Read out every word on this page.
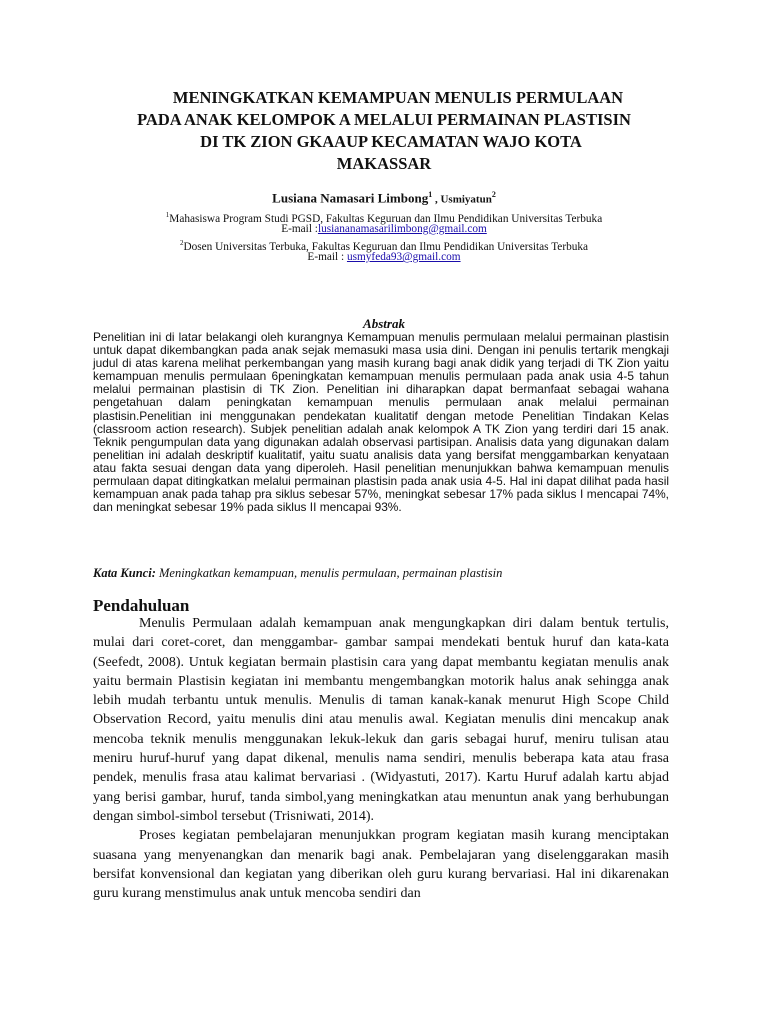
MENINGKATKAN KEMAMPUAN MENULIS PERMULAAN
PADA ANAK KELOMPOK A MELALUI PERMAINAN PLASTISIN
DI TK ZION GKAAUP KECAMATAN WAJO KOTA
MAKASSAR
Lusiana Namasari Limbong$^1$ , Usmiyatun$^2$
$^1$Mahasiswa Program Studi PGSD, Fakultas Keguruan dan Ilmu Pendidikan Universitas Terbuka
E-mail :lusiananamasarilimbong@gmail.com
$^2$Dosen Universitas Terbuka, Fakultas Keguruan dan Ilmu Pendidikan Universitas Terbuka
E-mail : usmyfeda93@gmail.com
Abstrak

Penelitian ini di latar belakangi oleh kurangnya Kemampuan menulis permulaan melalui permainan plastisin untuk dapat dikembangkan pada anak sejak memasuki masa usia dini. Dengan ini penulis tertarik mengkaji judul di atas karena melihat perkembangan yang masih kurang bagi anak didik yang terjadi di TK Zion yaitu kemampuan menulis permulaan 6peningkatan kemampuan menulis permulaan pada anak usia 4-5 tahun melalui permainan plastisin di TK Zion. Penelitian ini diharapkan dapat bermanfaat sebagai wahana pengetahuan dalam peningkatan kemampuan menulis permulaan anak melalui permainan plastisin.Penelitian ini menggunakan pendekatan kualitatif dengan metode Penelitian Tindakan Kelas (classroom action research). Subjek penelitian adalah anak kelompok A TK Zion yang terdiri dari 15 anak. Teknik pengumpulan data yang digunakan adalah observasi partisipan. Analisis data yang digunakan dalam penelitian ini adalah deskriptif kualitatif, yaitu suatu analisis data yang bersifat menggambarkan kenyataan atau fakta sesuai dengan data yang diperoleh. Hasil penelitian menunjukkan bahwa kemampuan menulis permulaan dapat ditingkatkan melalui permainan plastisin pada anak usia 4-5. Hal ini dapat dilihat pada hasil kemampuan anak pada tahap pra siklus sebesar 57%, meningkat sebesar 17% pada siklus I mencapai 74%, dan meningkat sebesar 19% pada siklus II mencapai 93%.

Kata Kunci: Meningkatkan kemampuan, menulis permulaan, permainan plastisin

Pendahuluan

Menulis Permulaan adalah kemampuan anak mengungkapkan diri dalam bentuk tertulis, mulai dari coret-coret, dan menggambar- gambar sampai mendekati bentuk huruf dan kata-kata (Seefedt, 2008). Untuk kegiatan bermain plastisin cara yang dapat membantu kegiatan menulis anak yaitu bermain Plastisin kegiatan ini membantu mengembangkan motorik halus anak sehingga anak lebih mudah terbantu untuk menulis. Menulis di taman kanak-kanak menurut High Scope Child Observation Record, yaitu menulis dini atau menulis awal. Kegiatan menulis dini mencakup anak mencoba teknik menulis menggunakan lekuk-lekuk dan garis sebagai huruf, meniru tulisan atau meniru huruf-huruf yang dapat dikenal, menulis nama sendiri, menulis beberapa kata atau frasa pendek, menulis frasa atau kalimat bervariasi . (Widyastuti, 2017). Kartu Huruf adalah kartu abjad yang berisi gambar, huruf, tanda simbol,yang meningkatkan atau menuntun anak yang berhubungan dengan simbol-simbol tersebut (Trisniwati, 2014).

Proses kegiatan pembelajaran menunjukkan program kegiatan masih kurang menciptakan suasana yang menyenangkan dan menarik bagi anak. Pembelajaran yang diselenggarakan masih bersifat konvensional dan kegiatan yang diberikan oleh guru kurang bervariasi. Hal ini dikarenakan guru kurang menstimulus anak untuk mencoba sendiri dan
